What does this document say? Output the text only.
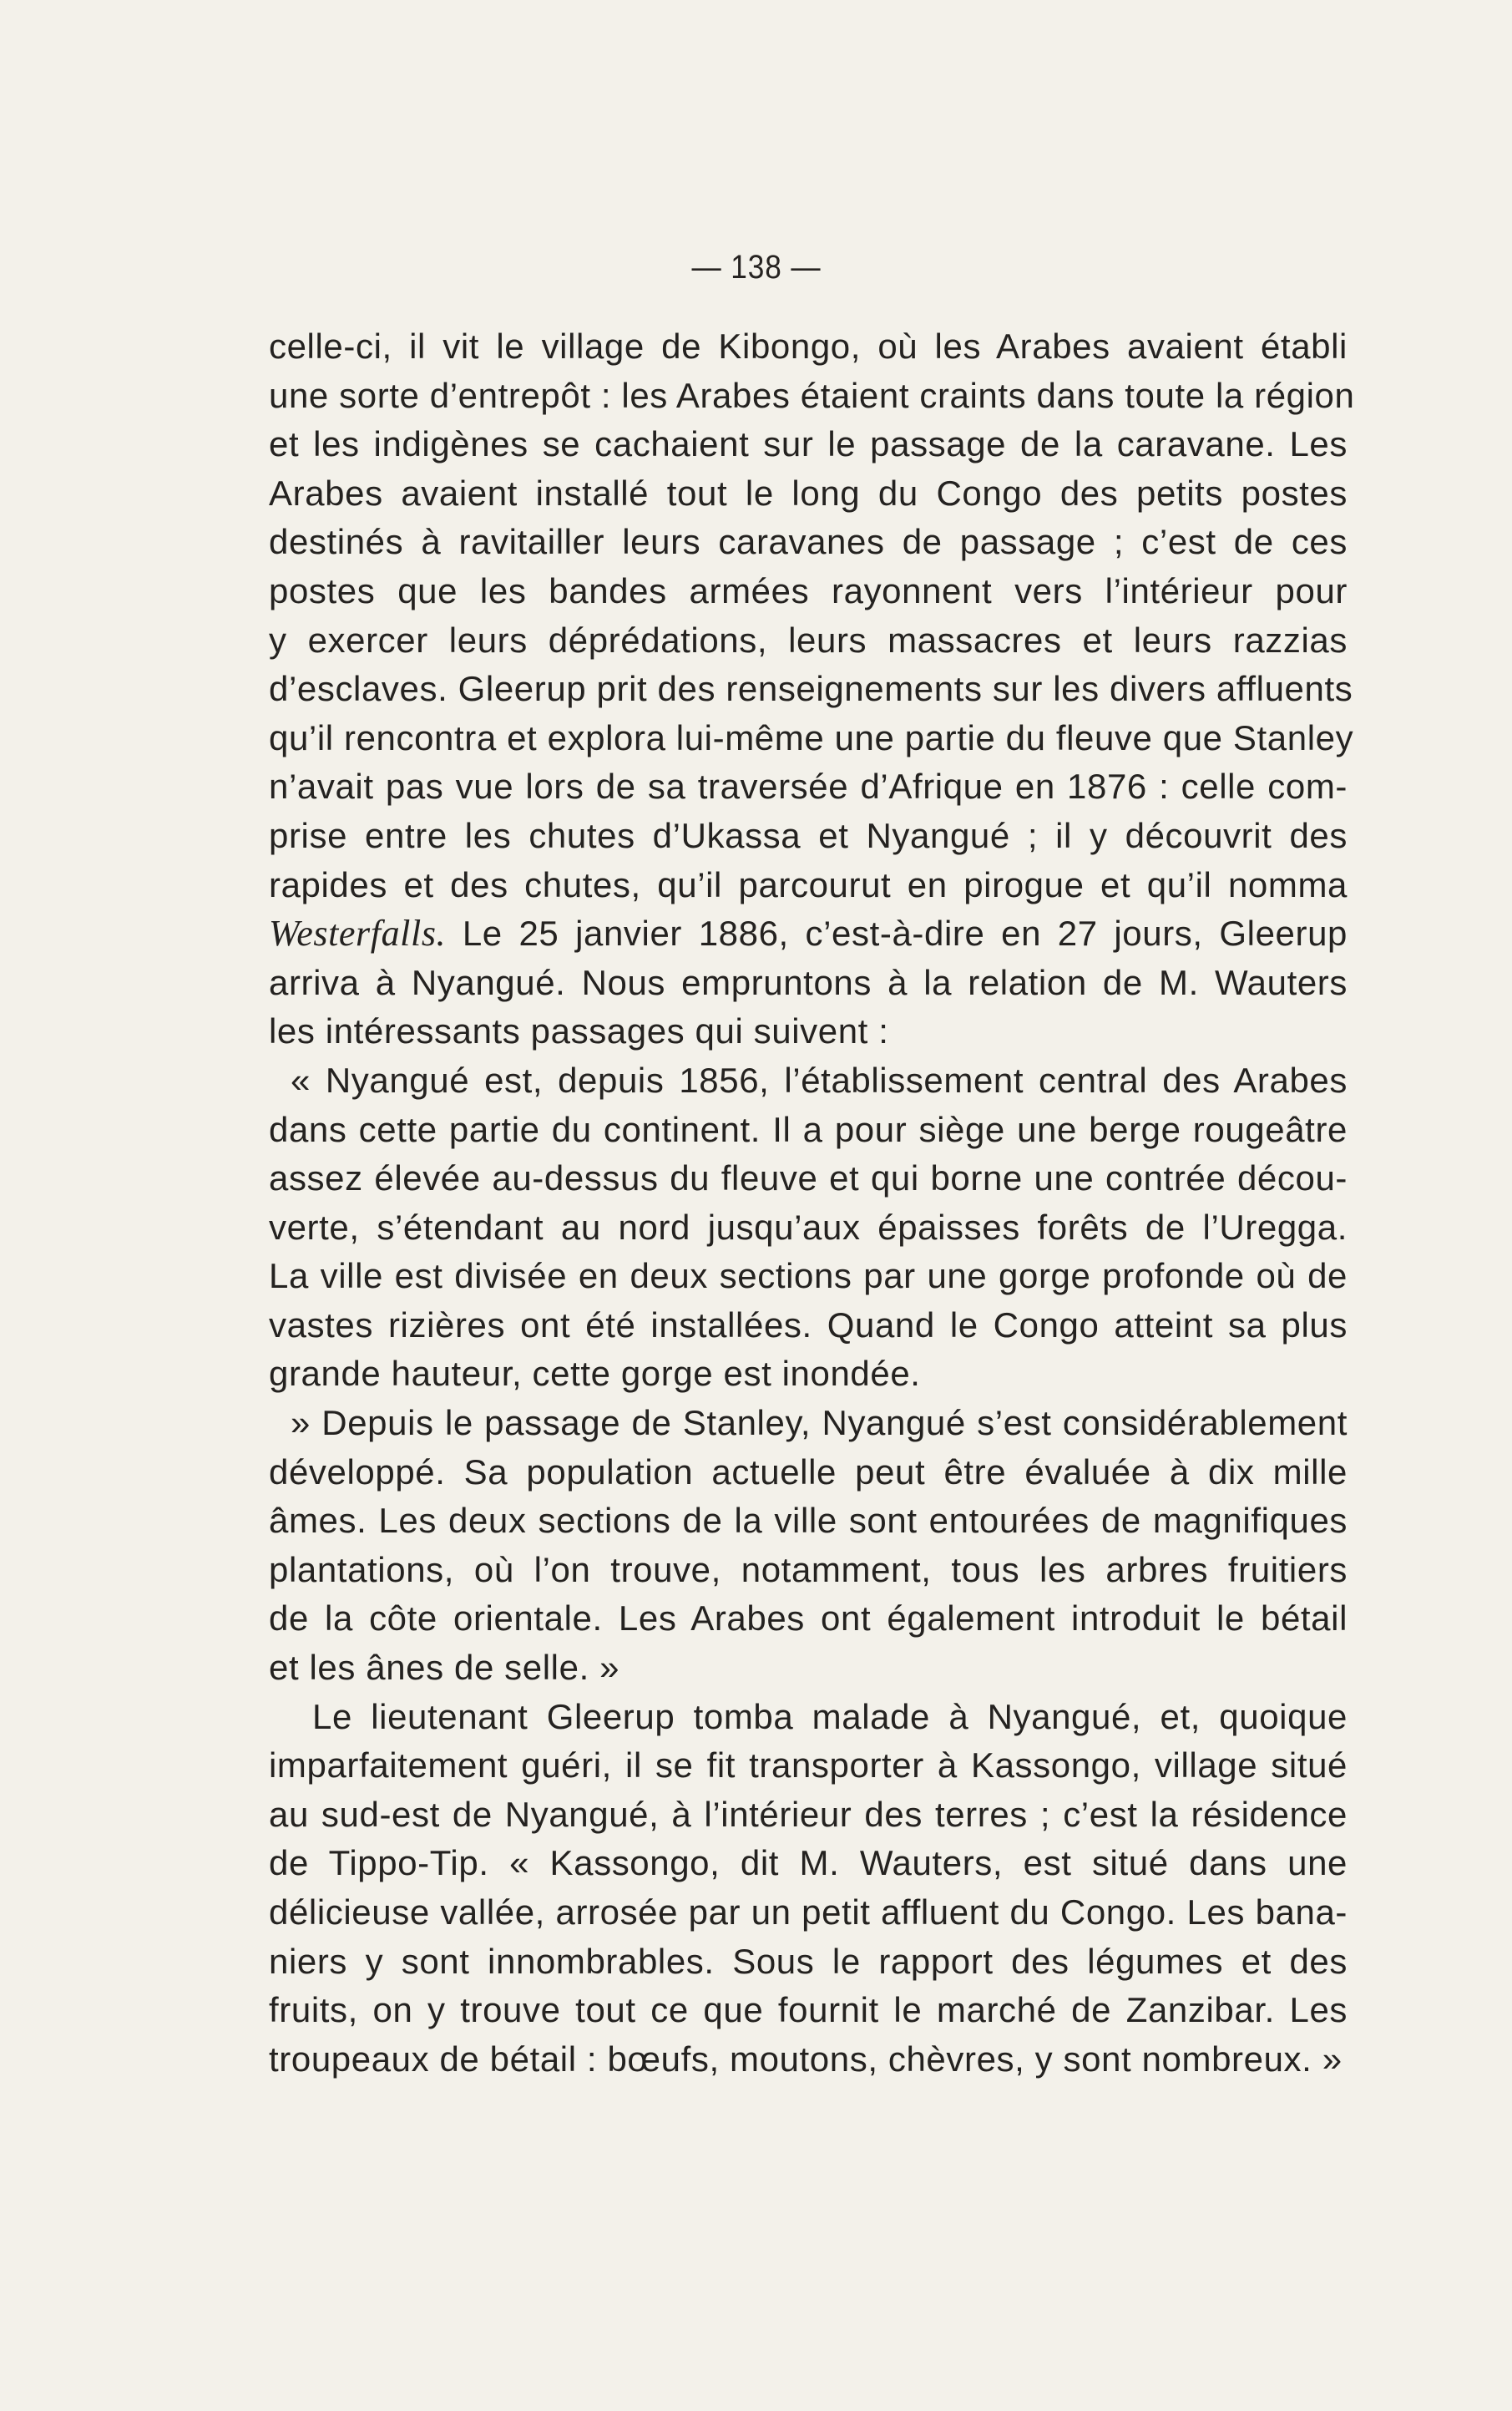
— 138 —
celle-ci, il vit le village de Kibongo, où les Arabes avaient établi
une sorte d’entrepôt : les Arabes étaient craints dans toute la région
et les indigènes se cachaient sur le passage de la caravane. Les
Arabes avaient installé tout le long du Congo des petits postes
destinés à ravitailler leurs caravanes de passage ; c’est de ces
postes que les bandes armées rayonnent vers l’intérieur pour
y exercer leurs déprédations, leurs massacres et leurs razzias
d’esclaves. Gleerup prit des renseignements sur les divers affluents
qu’il rencontra et explora lui-même une partie du fleuve que Stanley
n’avait pas vue lors de sa traversée d’Afrique en 1876 : celle com-
prise entre les chutes d’Ukassa et Nyangué ; il y découvrit des
rapides et des chutes, qu’il parcourut en pirogue et qu’il nomma
Westerfalls. Le 25 janvier 1886, c’est-à-dire en 27 jours, Gleerup
arriva à Nyangué. Nous empruntons à la relation de M. Wauters
les intéressants passages qui suivent :
« Nyangué est, depuis 1856, l’établissement central des Arabes
dans cette partie du continent. Il a pour siège une berge rougeâtre
assez élevée au-dessus du fleuve et qui borne une contrée décou-
verte, s’étendant au nord jusqu’aux épaisses forêts de l’Uregga.
La ville est divisée en deux sections par une gorge profonde où de
vastes rizières ont été installées. Quand le Congo atteint sa plus
grande hauteur, cette gorge est inondée.
» Depuis le passage de Stanley, Nyangué s’est considérablement
développé. Sa population actuelle peut être évaluée à dix mille
âmes. Les deux sections de la ville sont entourées de magnifiques
plantations, où l’on trouve, notamment, tous les arbres fruitiers
de la côte orientale. Les Arabes ont également introduit le bétail
et les ânes de selle. »
Le lieutenant Gleerup tomba malade à Nyangué, et, quoique
imparfaitement guéri, il se fit transporter à Kassongo, village situé
au sud-est de Nyangué, à l’intérieur des terres ; c’est la résidence
de Tippo-Tip. « Kassongo, dit M. Wauters, est situé dans une
délicieuse vallée, arrosée par un petit affluent du Congo. Les bana-
niers y sont innombrables. Sous le rapport des légumes et des
fruits, on y trouve tout ce que fournit le marché de Zanzibar. Les
troupeaux de bétail : bœufs, moutons, chèvres, y sont nombreux. »
